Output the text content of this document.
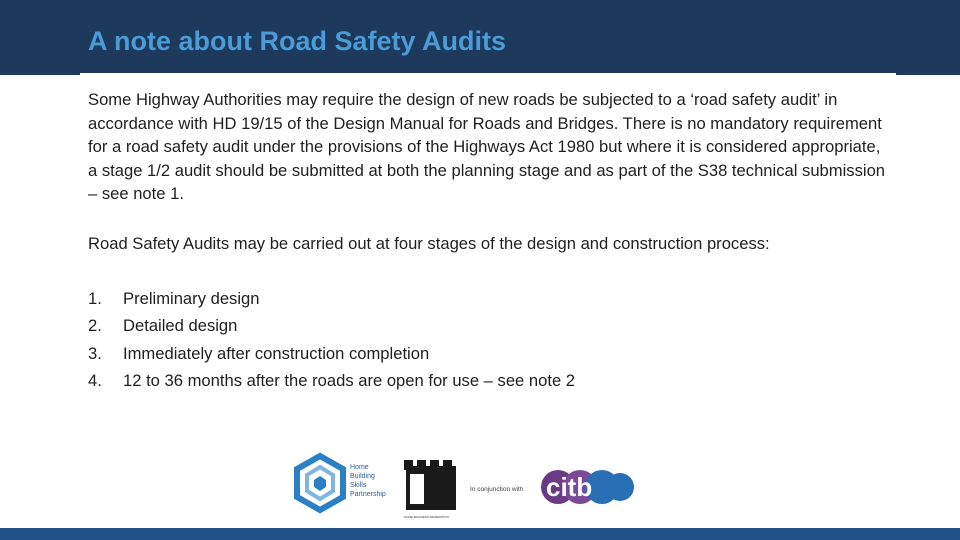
A note about Road Safety Audits

Some Highway Authorities may require the design of new roads be subjected to a ‘road safety audit’ in accordance with HD 19/15 of the Design Manual for Roads and Bridges. There is no mandatory requirement for a road safety audit under the provisions of the Highways Act 1980 but where it is considered appropriate, a stage 1/2 audit should be submitted at both the planning stage and as part of the S38 technical submission – see note 1.

Road Safety Audits may be carried out at four stages of the design and construction process:

1.	Preliminary design
2.	Detailed design
3.	Immediately after construction completion
4.	12 to 36 months after the roads are open for use – see note 2
Home
Building
Skills
Partnership	HBF
HOME BUILDERS FEDERATION
In conjunction with citb
